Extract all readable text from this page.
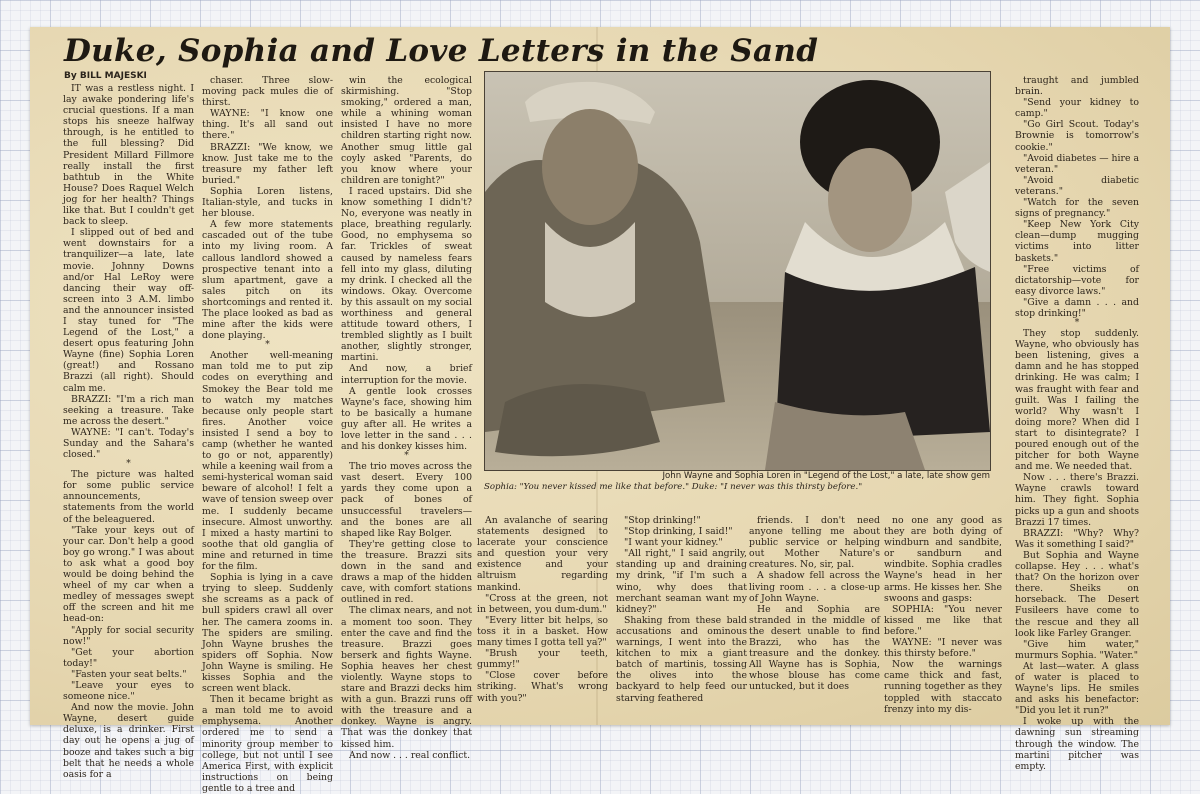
Duke, Sophia and Love Letters in the Sand
By BILL MAJESKI

IT was a restless night. I lay awake pondering life's crucial questions. If a man stops his sneeze halfway through, is he entitled to the full blessing? Did President Millard Fillmore really install the first bathtub in the White House? Does Raquel Welch jog for her health? Things like that. But I couldn't get back to sleep.

I slipped out of bed and went downstairs for a tranquilizer—a late, late movie. Johnny Downs and/or Hal LeRoy were dancing their way off-screen into 3 A.M. limbo and the announcer insisted I stay tuned for "The Legend of the Lost," a desert opus featuring John Wayne (fine) Sophia Loren (great!) and Rossano Brazzi (all right). Should calm me.

BRAZZI: "I'm a rich man seeking a treasure. Take me across the desert."

WAYNE: "I can't. Today's Sunday and the Sahara's closed."

*

The picture was halted for some public service announcements, statements from the world of the beleaguered.

"Take your keys out of your car. Don't help a good boy go wrong." I was about to ask what a good boy would be doing behind the wheel of my car when a medley of messages swept off the screen and hit me head-on:

"Apply for social security now!"

"Get your abortion today!"

"Fasten your seat belts."

"Leave your eyes to someone nice."

And now the movie. John Wayne, desert guide deluxe, is a drinker. First day out he opens a jug of booze and takes such a big belt that he needs a whole oasis for a

chaser. Three slow-moving pack mules die of thirst.

WAYNE: "I know one thing. It's all sand out there."

BRAZZI: "We know, we know. Just take me to the treasure my father left buried."

Sophia Loren listens, Italian-style, and tucks in her blouse.

A few more statements cascaded out of the tube into my living room. A callous landlord showed a prospective tenant into a slum apartment, gave a sales pitch on its shortcomings and rented it. The place looked as bad as mine after the kids were done playing.

*

Another well-meaning man told me to put zip codes on everything and Smokey the Bear told me to watch my matches because only people start fires. Another voice insisted I send a boy to camp (whether he wanted to go or not, apparently) while a keening wail from a semi-hysterical woman said beware of alcohol! I felt a wave of tension sweep over me. I suddenly became insecure. Almost unworthy. I mixed a hasty martini to soothe that old ganglia of mine and returned in time for the film.

Sophia is lying in a cave trying to sleep. Suddenly she screams as a pack of bull spiders crawl all over her. The camera zooms in. The spiders are smiling. John Wayne brushes the spiders off Sophia. Now John Wayne is smiling. He kisses Sophia and the screen went black.

Then it became bright as a man told me to avoid emphysema. Another ordered me to send a minority group member to college, but not until I see America First, with explicit instructions on being gentle to a tree and

win the ecological skirmishing. "Stop smoking," ordered a man, while a whining woman insisted I have no more children starting right now. Another smug little gal coyly asked "Parents, do you know where your children are tonight?"

I raced upstairs. Did she know something I didn't? No, everyone was neatly in place, breathing regularly. Good, no emphysema so far. Trickles of sweat caused by nameless fears fell into my glass, diluting my drink. I checked all the windows. Okay. Overcome by this assault on my social worthiness and general attitude toward others, I trembled slightly as I built another, slightly stronger, martini.

And now, a brief interruption for the movie.

A gentle look crosses Wayne's face, showing him to be basically a humane guy after all. He writes a love letter in the sand . . . and his donkey kisses him.

*

The trio moves across the vast desert. Every 100 yards they come upon a pack of bones of unsuccessful travelers—and the bones are all shaped like Ray Bolger.

They're getting close to the treasure. Brazzi sits down in the sand and draws a map of the hidden cave, with comfort stations outlined in red.

The climax nears, and not a moment too soon. They enter the cave and find the treasure. Brazzi goes berserk and fights Wayne. Sophia heaves her chest violently. Wayne stops to stare and Brazzi decks him with a gun. Brazzi runs off with the treasure and a donkey. Wayne is angry. That was the donkey that kissed him.

And now . . . real conflict.

John Wayne and Sophia Loren in "Legend of the Lost," a late, late show gem
Sophia: "You never kissed me like that before." Duke: "I never was this thirsty before."

An avalanche of searing statements designed to lacerate your conscience and question your very existence and your altruism regarding mankind.

"Cross at the green, not in between, you dum-dum."

"Every litter bit helps, so toss it in a basket. How many times I gotta tell ya?"

"Brush your teeth, gummy!"

"Close cover before striking. What's wrong with you?"

"Stop drinking!"

"Stop drinking, I said!"

"I want your kidney."

"All right," I said angrily, standing up and draining my drink, "if I'm such a wino, why does that merchant seaman want my kidney?"

Shaking from these bald accusations and ominous warnings, I went into the kitchen to mix a giant batch of martinis, tossing the olives into the backyard to help feed our starving feathered

friends. I don't need anyone telling me about public service or helping out Mother Nature's creatures. No, sir, pal.

A shadow fell across the living room . . . a close-up of John Wayne.

He and Sophia are stranded in the middle of the desert unable to find Brazzi, who has the treasure and the donkey. All Wayne has is Sophia, whose blouse has come untucked, but it does

no one any good as they are both dying of windburn and sandbite, or sandburn and windbite. Sophia cradles Wayne's head in her arms. He kisses her. She swoons and gasps:

SOPHIA: "You never kissed me like that before."

WAYNE: "I never was this thirsty before."

Now the warnings came thick and fast, running together as they toppled with staccato frenzy into my dis-

traught and jumbled brain.

"Send your kidney to camp."

"Go Girl Scout. Today's Brownie is tomorrow's cookie."

"Avoid diabetes — hire a veteran."

"Avoid diabetic veterans."

"Watch for the seven signs of pregnancy."

"Keep New York City clean—dump mugging victims into litter baskets."

"Free victims of dictatorship—vote for easy divorce laws."

"Give a damn . . . and stop drinking!"

*

They stop suddenly. Wayne, who obviously has been listening, gives a damn and he has stopped drinking. He was calm; I was fraught with fear and guilt. Was I failing the world? Why wasn't I doing more? When did I start to disintegrate? I poured enough out of the pitcher for both Wayne and me. We needed that.

Now . . . there's Brazzi. Wayne crawls toward him. They fight. Sophia picks up a gun and shoots Brazzi 17 times.

BRAZZI: "Why? Why? Was it something I said?"

But Sophia and Wayne collapse. Hey . . . what's that? On the horizon over there. Sheiks on horseback. The Desert Fusileers have come to the rescue and they all look like Farley Granger.

"Give him water," murmurs Sophia. "Water."

At last—water. A glass of water is placed to Wayne's lips. He smiles and asks his benefactor: "Did you let it run?"

I woke up with the dawning sun streaming through the window. The martini pitcher was empty.
